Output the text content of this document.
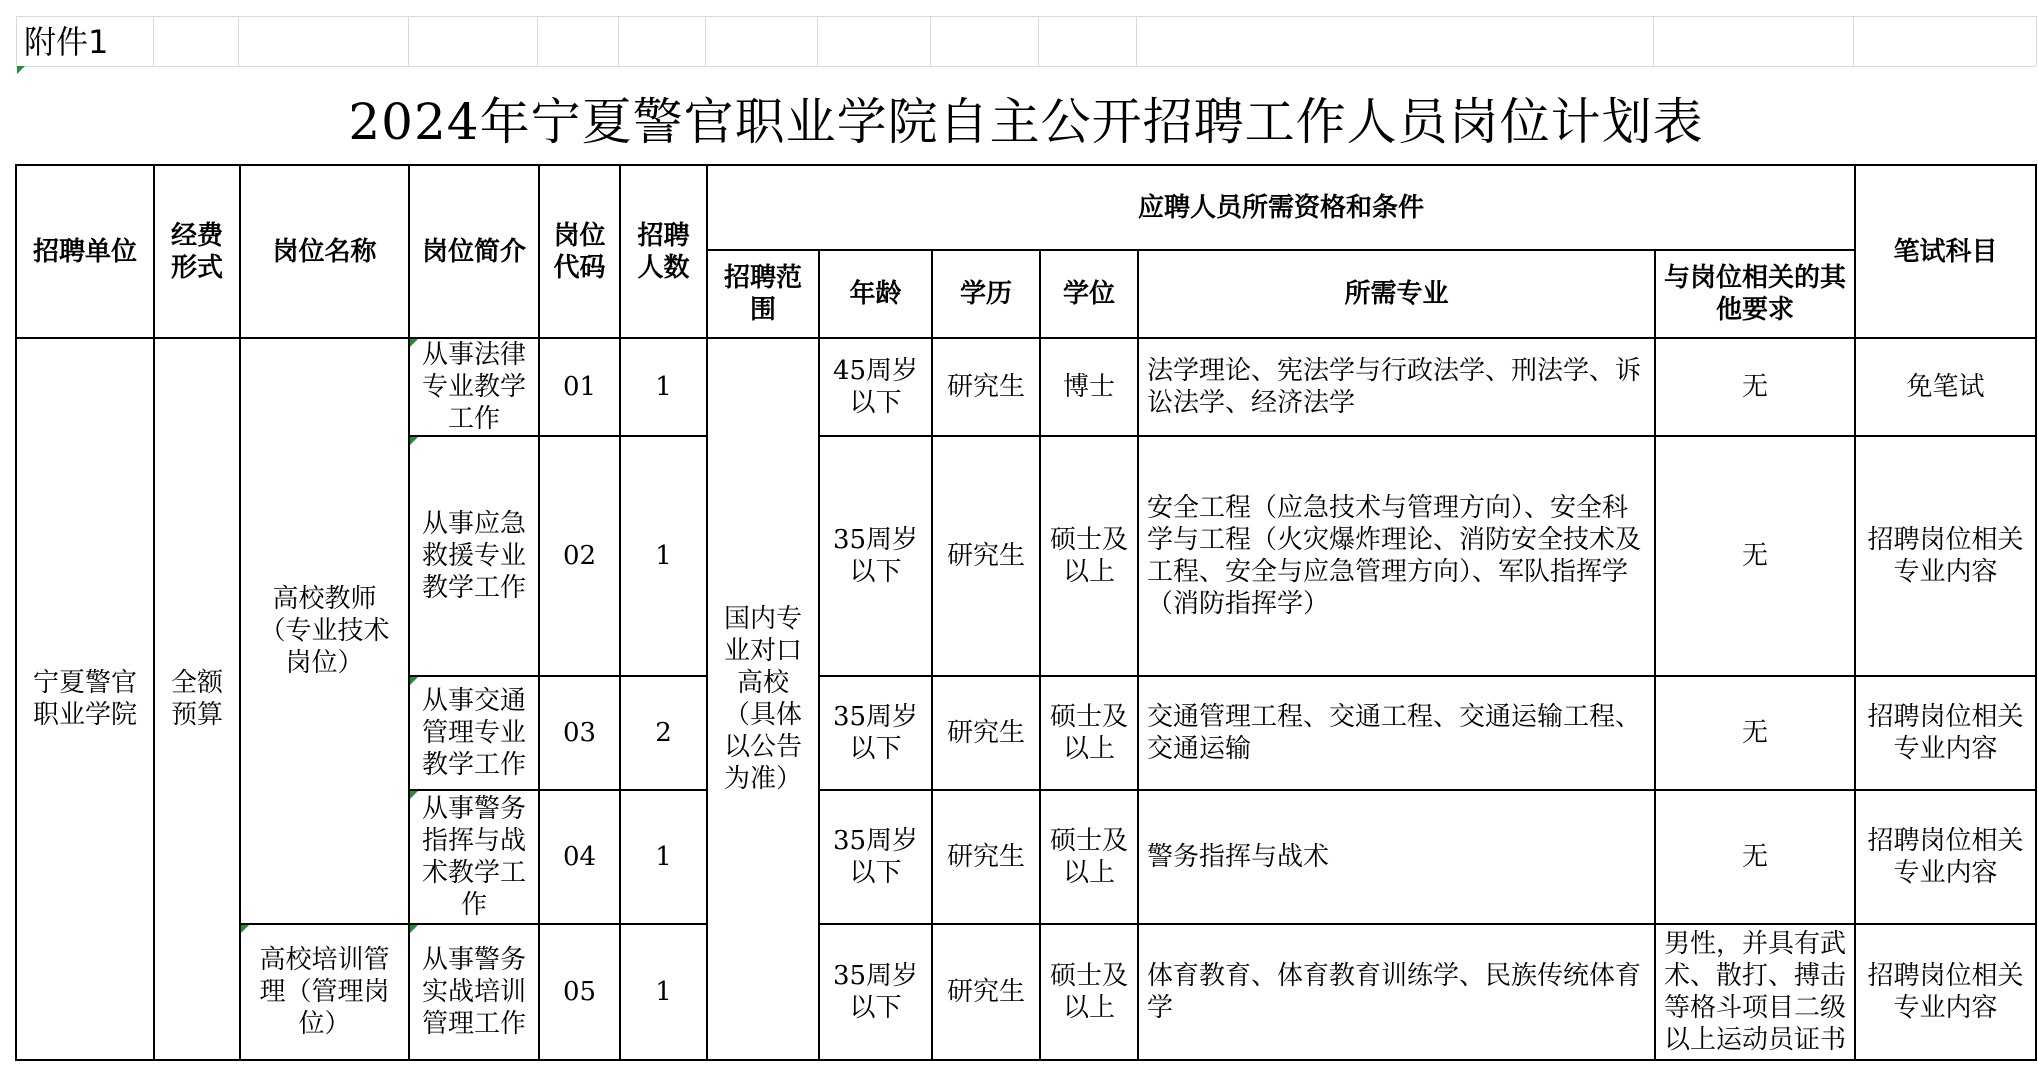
附件1
2024年宁夏警官职业学院自主公开招聘工作人员岗位计划表
招聘单位	经费形式	岗位名称	岗位简介	岗位代码	招聘人数	应聘人员所需资格和条件						笔试科目
						招聘范围	年龄	学历	学位	所需专业	与岗位相关的其他要求	
宁夏警官职业学院	全额预算	高校教师（专业技术岗位）	从事法律专业教学工作	01	1	国内专业对口高校（具体以公告为准）	45周岁以下	研究生	博士	法学理论、宪法学与行政法学、刑法学、诉讼法学、经济法学	无	免笔试
			从事应急救援专业教学工作	02	1		35周岁以下	研究生	硕士及以上	安全工程（应急技术与管理方向）、安全科学与工程（火灾爆炸理论、消防安全技术及工程、安全与应急管理方向）、军队指挥学（消防指挥学）	无	招聘岗位相关专业内容
			从事交通管理专业教学工作	03	2		35周岁以下	研究生	硕士及以上	交通管理工程、交通工程、交通运输工程、交通运输	无	招聘岗位相关专业内容
			从事警务指挥与战术教学工作	04	1		35周岁以下	研究生	硕士及以上	警务指挥与战术	无	招聘岗位相关专业内容
		高校培训管理（管理岗位）	从事警务实战培训管理工作	05	1		35周岁以下	研究生	硕士及以上	体育教育、体育教育训练学、民族传统体育学	男性，并具有武术、散打、搏击等格斗项目二级以上运动员证书	招聘岗位相关专业内容
